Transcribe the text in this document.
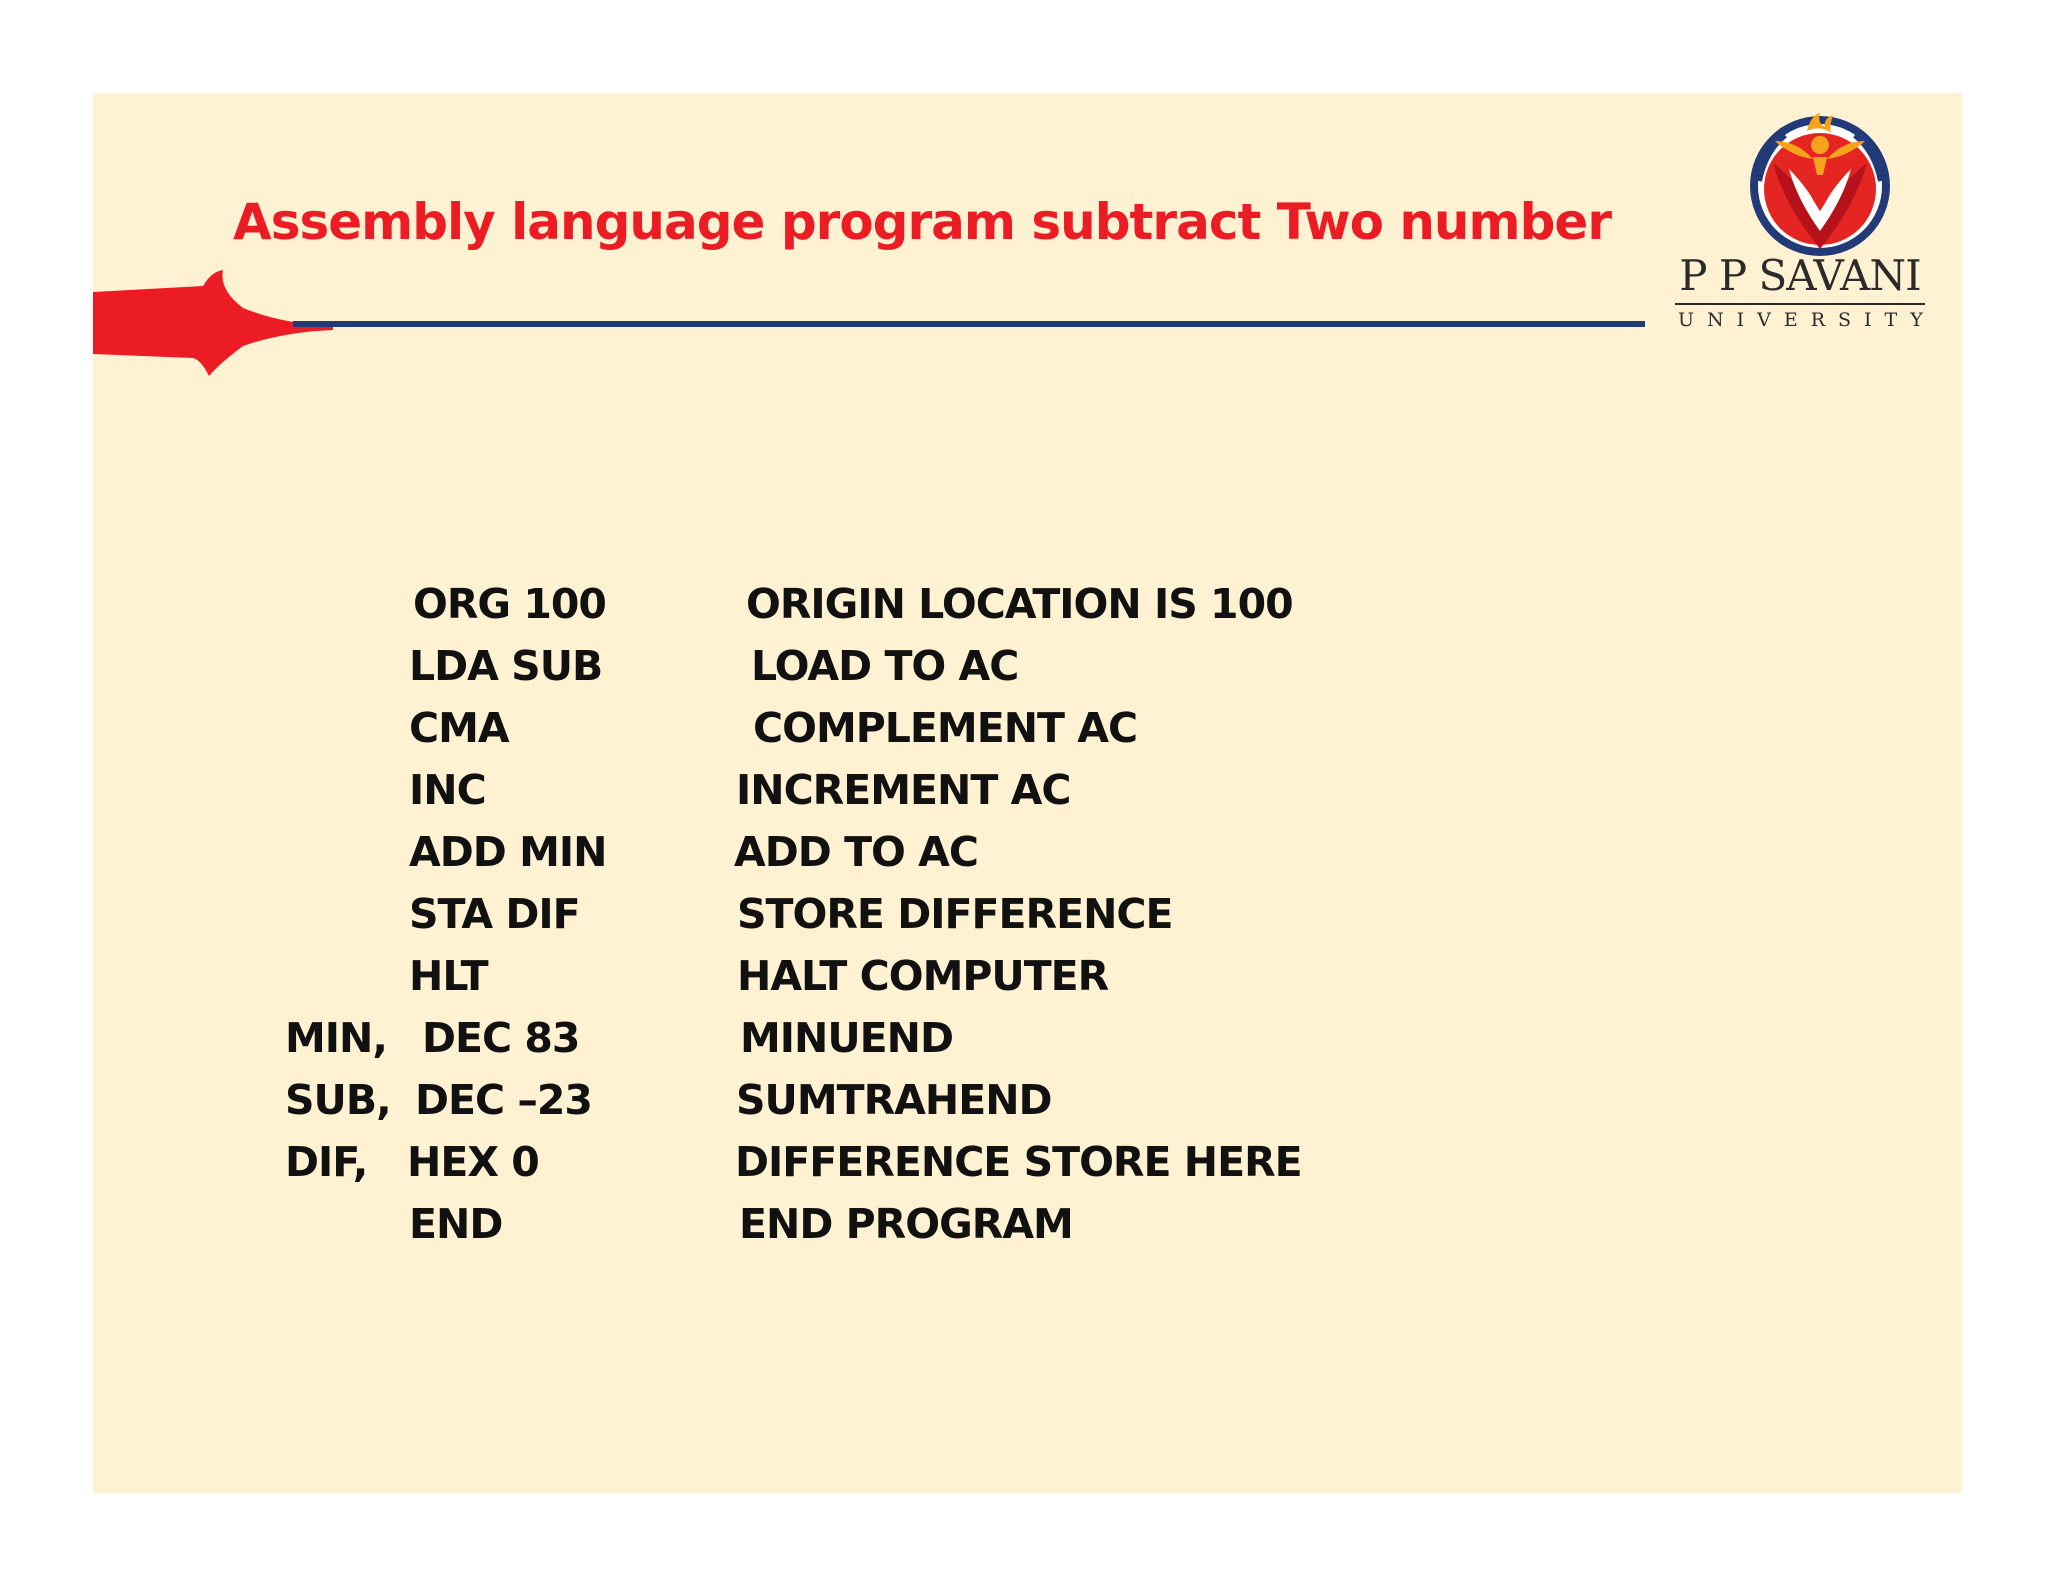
Assembly language program subtract Two number

P P SAVANI

UNIVERSITY

ORG 100	ORIGIN LOCATION IS 100
LDA SUB	LOAD TO AC
CMA	COMPLEMENT AC
INC	INCREMENT AC
ADD MIN	ADD TO AC
STA DIF	STORE DIFFERENCE
HLT	HALT COMPUTER
MIN, DEC 83	MINUEND
SUB, DEC –23	SUMTRAHEND
DIF, HEX 0	DIFFERENCE STORE HERE
END	END PROGRAM
